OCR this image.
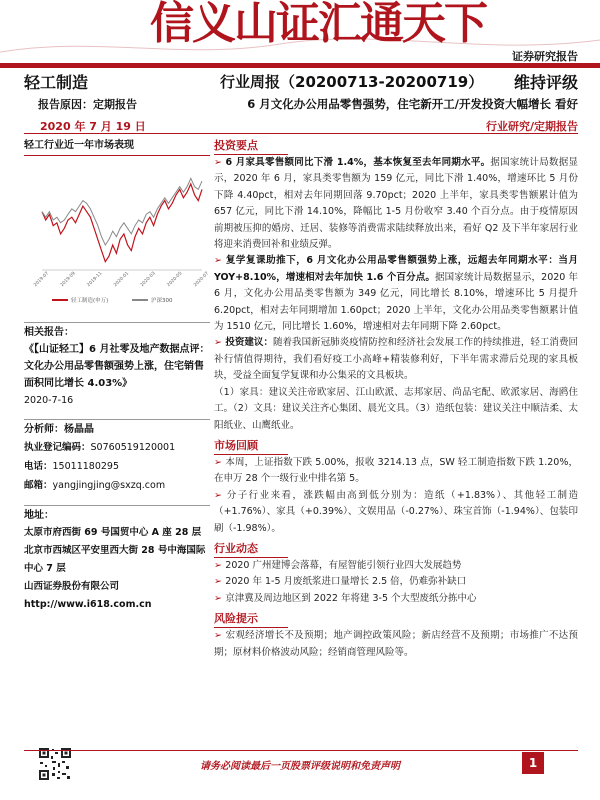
信义山证汇通天下
证券研究报告
轻工制造	行业周报（20200713-20200719） 维持评级
报告原因：定期报告	6 月文化办公用品零售强势，住宅新开工/开发投资大幅增长 看好
2020 年 7 月 19 日	行业研究/定期报告
轻工行业近一年市场表现
2019-07 2019-09 2019-11 2020-01 2020-03 2020-05 2020-07
轻工制造(申万)	沪深300
相关报告：
《【山证轻工】6 月社零及地产数据点评：文化办公用品零售额强势上涨，住宅销售面积同比增长 4.03%》
2020-7-16
分析师：杨晶晶
执业登记编码：S0760519120001
电话：15011180295
邮箱：yangjingjing@sxzq.com
地址：
太原市府西街 69 号国贸中心 A 座 28 层
北京市西城区平安里西大街 28 号中海国际中心 7 层
山西证券股份有限公司
http://www.i618.com.cn
投资要点

➢ 6 月家具零售额同比下滑 1.4%，基本恢复至去年同期水平。据国家统计局数据显示，2020 年 6 月，家具类零售额为 159 亿元，同比下滑 1.40%，增速环比 5 月份下降 4.40pct，相对去年同期回落 9.70pct；2020 上半年，家具类零售额累计值为 657 亿元，同比下滑 14.10%，降幅比 1-5 月份收窄 3.40 个百分点。由于疫情原因前期被压抑的婚房、迁居、装修等消费需求陆续释放出来，看好 Q2 及下半年家居行业将迎来消费回补和业绩反弹。

➢ 复学复课助推下，6 月文化办公用品零售额强势上涨，远超去年同期水平：当月 YOY+8.10%，增速相对去年加快 1.6 个百分点。据国家统计局数据显示，2020 年 6 月，文化办公用品类零售额为 349 亿元，同比增长 8.10%，增速环比 5 月提升 6.20pct，相对去年同期增加 1.60pct；2020 上半年，文化办公用品类零售额累计值为 1510 亿元，同比增长 1.60%，增速相对去年同期下降 2.60pct。

➢ 投资建议：随着我国新冠肺炎疫情防控和经济社会发展工作的持续推进，轻工消费回补行情值得期待，我们看好疫工小高峰+精装修利好，下半年需求滞后兑现的家具板块，受益全面复学复课和办公集采的文具板块。

（1）家具：建议关注帝欧家居、江山欧派、志邦家居、尚品宅配、欧派家居、海鸥住工。（2）文具：建议关注齐心集团、晨光文具。（3）造纸包装：建议关注中顺洁柔、太阳纸业、山鹰纸业。

市场回顾

➢ 本周，上证指数下跌 5.00%，报收 3214.13 点，SW 轻工制造指数下跌 1.20%，在申万 28 个一级行业中排名第 5。

➢ 分子行业来看，涨跌幅由高到低分别为：造纸（+1.83%）、其他轻工制造（+1.76%）、家具（+0.39%）、文娱用品（-0.27%）、珠宝首饰（-1.94%）、包装印刷（-1.98%）。

行业动态

➢ 2020 广州建博会落幕，有屋智能引领行业四大发展趋势

➢ 2020 年 1-5 月废纸浆进口量增长 2.5 倍，仍难弥补缺口

➢ 京津冀及周边地区到 2022 年将建 3-5 个大型废纸分拣中心

风险提示

➢ 宏观经济增长不及预期；地产调控政策风险；新店经营不及预期；市场推广不达预期；原材料价格波动风险；经销商管理风险等。

请务必阅读最后一页股票评级说明和免责声明	1
